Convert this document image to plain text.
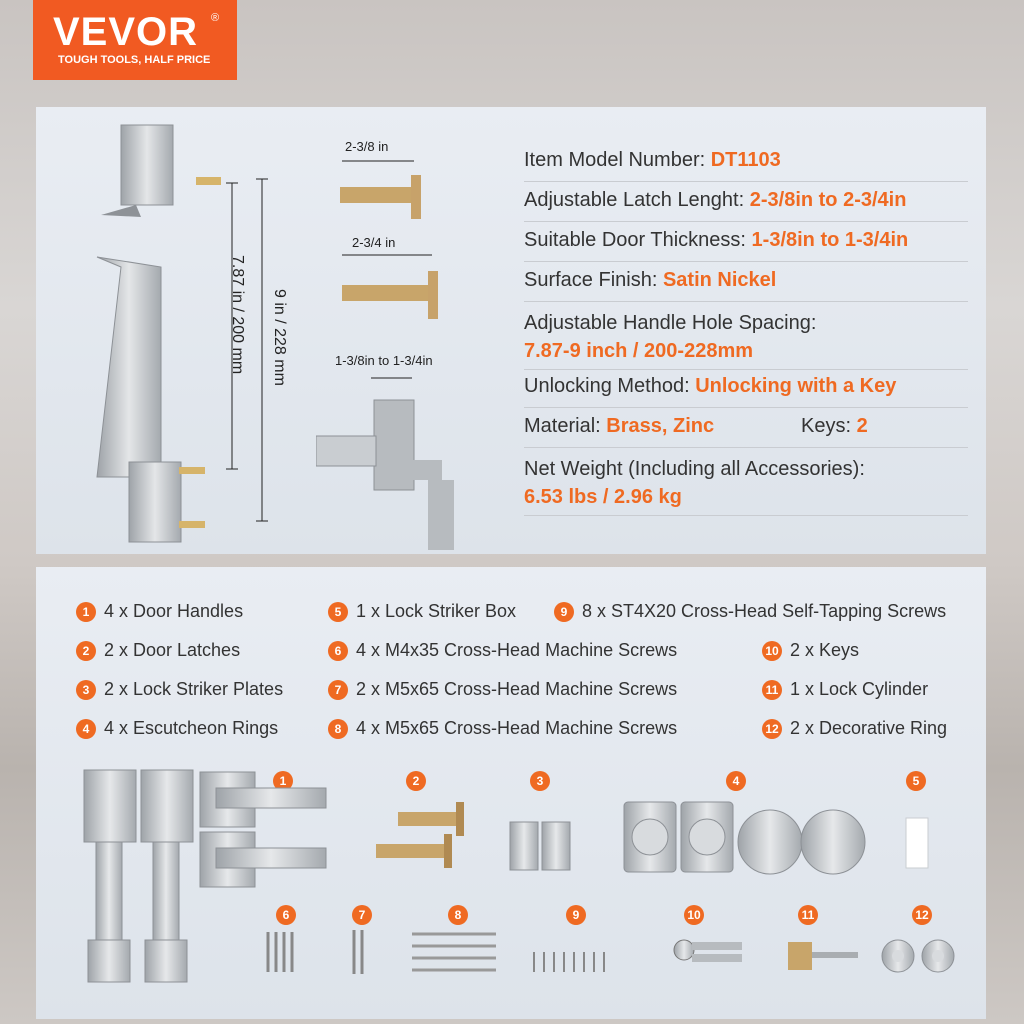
VEVOR ®
TOUGH TOOLS, HALF PRICE
7.87 in / 200 mm 9 in / 228 mm
2-3/8 in
2-3/4 in
1-3/8in to 1-3/4in
Item Model Number: DT1103
Adjustable Latch Lenght: 2-3/8in to 2-3/4in
Suitable Door Thickness: 1-3/8in to 1-3/4in
Surface Finish: Satin Nickel
Adjustable Handle Hole Spacing:
7.87-9 inch / 200-228mm
Unlocking Method: Unlocking with a Key
Material: Brass, Zinc	Keys: 2
Net Weight (Including all Accessories):
6.53 lbs / 2.96 kg
1 4 x Door Handles
2 2 x Door Latches
3 2 x Lock Striker Plates
4 4 x Escutcheon Rings
5 1 x Lock Striker Box
6 4 x M4x35 Cross-Head Machine Screws
7 2 x M5x65 Cross-Head Machine Screws
8 4 x M5x65 Cross-Head Machine Screws
9 8 x ST4X20 Cross-Head Self-Tapping Screws
10 2 x Keys
11 1 x Lock Cylinder
12 2 x Decorative Ring
1	2	3	4	5
6	7	8	9	10	11	12
